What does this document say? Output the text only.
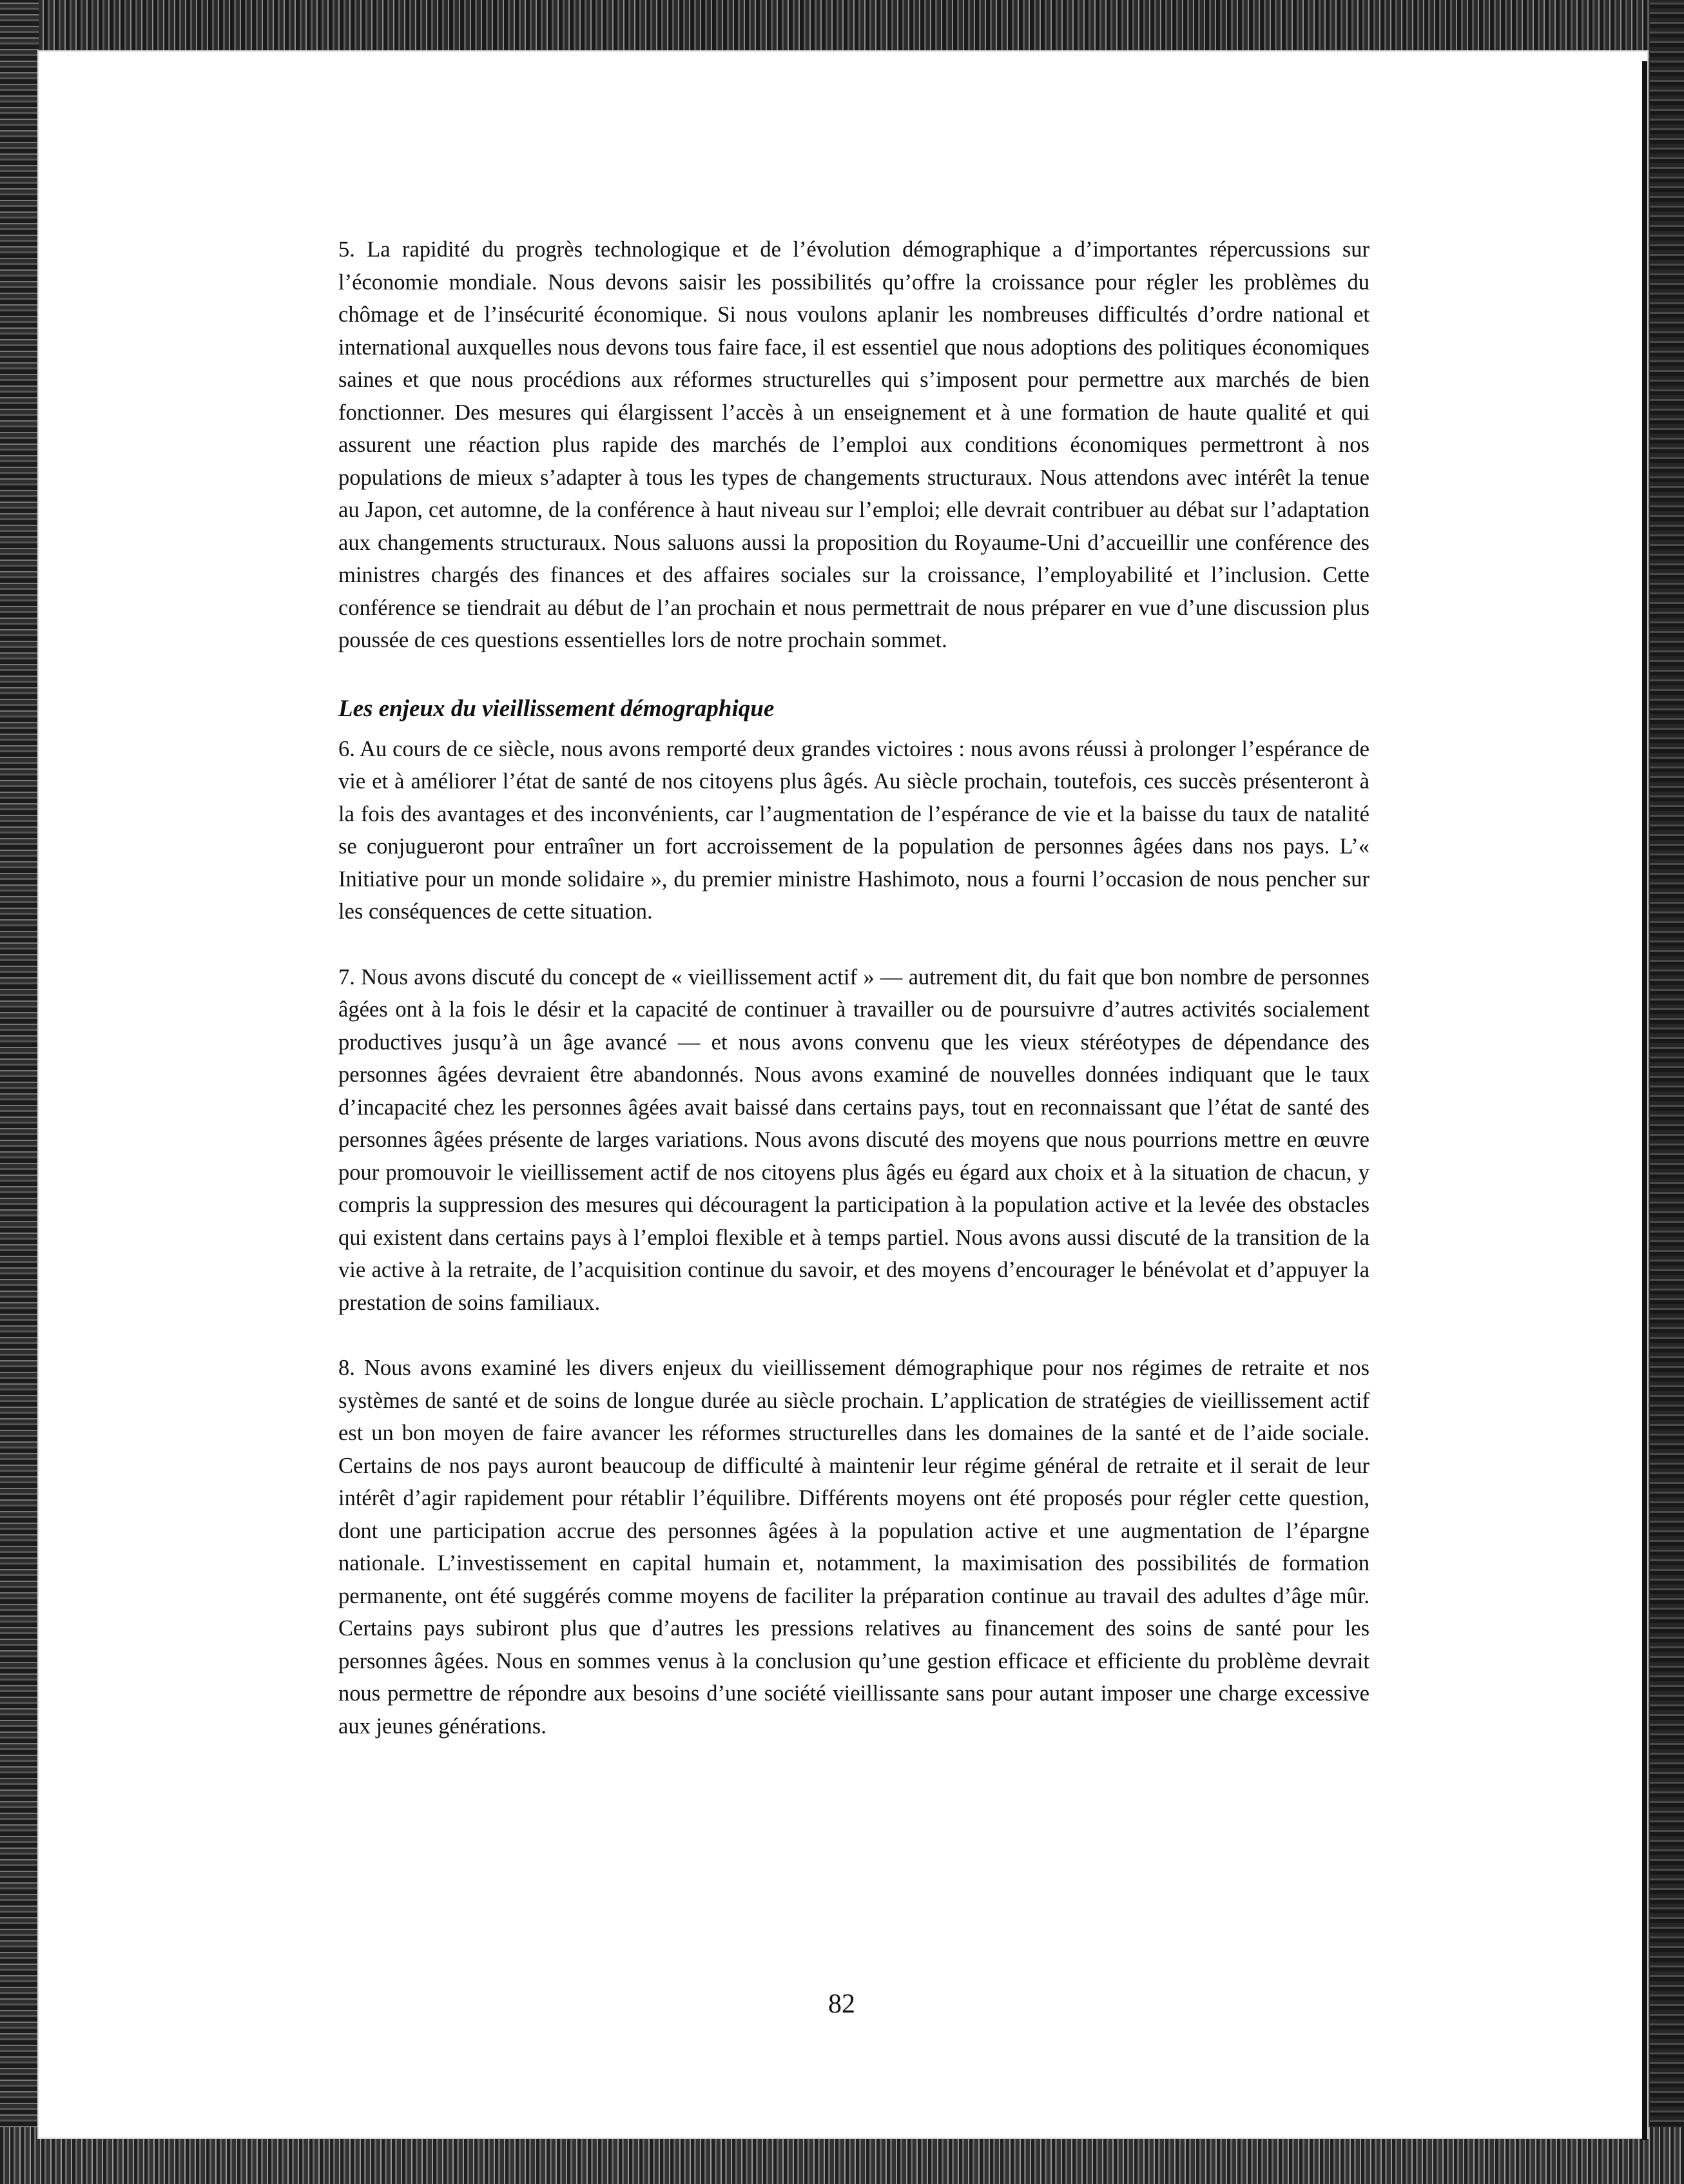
5. La rapidité du progrès technologique et de l’évolution démographique a d’importantes répercussions sur l’économie mondiale. Nous devons saisir les possibilités qu’offre la croissance pour régler les problèmes du chômage et de l’insécurité économique. Si nous voulons aplanir les nombreuses difficultés d’ordre national et international auxquelles nous devons tous faire face, il est essentiel que nous adoptions des politiques économiques saines et que nous procédions aux réformes structurelles qui s’imposent pour permettre aux marchés de bien fonctionner. Des mesures qui élargissent l’accès à un enseignement et à une formation de haute qualité et qui assurent une réaction plus rapide des marchés de l’emploi aux conditions économiques permettront à nos populations de mieux s’adapter à tous les types de changements structuraux. Nous attendons avec intérêt la tenue au Japon, cet automne, de la conférence à haut niveau sur l’emploi; elle devrait contribuer au débat sur l’adaptation aux changements structuraux. Nous saluons aussi la proposition du Royaume-Uni d’accueillir une conférence des ministres chargés des finances et des affaires sociales sur la croissance, l’employabilité et l’inclusion. Cette conférence se tiendrait au début de l’an prochain et nous permettrait de nous préparer en vue d’une discussion plus poussée de ces questions essentielles lors de notre prochain sommet.

Les enjeux du vieillissement démographique

6. Au cours de ce siècle, nous avons remporté deux grandes victoires : nous avons réussi à prolonger l’espérance de vie et à améliorer l’état de santé de nos citoyens plus âgés. Au siècle prochain, toutefois, ces succès présenteront à la fois des avantages et des inconvénients, car l’augmentation de l’espérance de vie et la baisse du taux de natalité se conjugueront pour entraîner un fort accroissement de la population de personnes âgées dans nos pays. L’« Initiative pour un monde solidaire », du premier ministre Hashimoto, nous a fourni l’occasion de nous pencher sur les conséquences de cette situation.

7. Nous avons discuté du concept de « vieillissement actif » — autrement dit, du fait que bon nombre de personnes âgées ont à la fois le désir et la capacité de continuer à travailler ou de poursuivre d’autres activités socialement productives jusqu’à un âge avancé — et nous avons convenu que les vieux stéréotypes de dépendance des personnes âgées devraient être abandonnés. Nous avons examiné de nouvelles données indiquant que le taux d’incapacité chez les personnes âgées avait baissé dans certains pays, tout en reconnaissant que l’état de santé des personnes âgées présente de larges variations. Nous avons discuté des moyens que nous pourrions mettre en œuvre pour promouvoir le vieillissement actif de nos citoyens plus âgés eu égard aux choix et à la situation de chacun, y compris la suppression des mesures qui découragent la participation à la population active et la levée des obstacles qui existent dans certains pays à l’emploi flexible et à temps partiel. Nous avons aussi discuté de la transition de la vie active à la retraite, de l’acquisition continue du savoir, et des moyens d’encourager le bénévolat et d’appuyer la prestation de soins familiaux.

8. Nous avons examiné les divers enjeux du vieillissement démographique pour nos régimes de retraite et nos systèmes de santé et de soins de longue durée au siècle prochain. L’application de stratégies de vieillissement actif est un bon moyen de faire avancer les réformes structurelles dans les domaines de la santé et de l’aide sociale. Certains de nos pays auront beaucoup de difficulté à maintenir leur régime général de retraite et il serait de leur intérêt d’agir rapidement pour rétablir l’équilibre. Différents moyens ont été proposés pour régler cette question, dont une participation accrue des personnes âgées à la population active et une augmentation de l’épargne nationale. L’investissement en capital humain et, notamment, la maximisation des possibilités de formation permanente, ont été suggérés comme moyens de faciliter la préparation continue au travail des adultes d’âge mûr. Certains pays subiront plus que d’autres les pressions relatives au financement des soins de santé pour les personnes âgées. Nous en sommes venus à la conclusion qu’une gestion efficace et efficiente du problème devrait nous permettre de répondre aux besoins d’une société vieillissante sans pour autant imposer une charge excessive aux jeunes générations.

82
